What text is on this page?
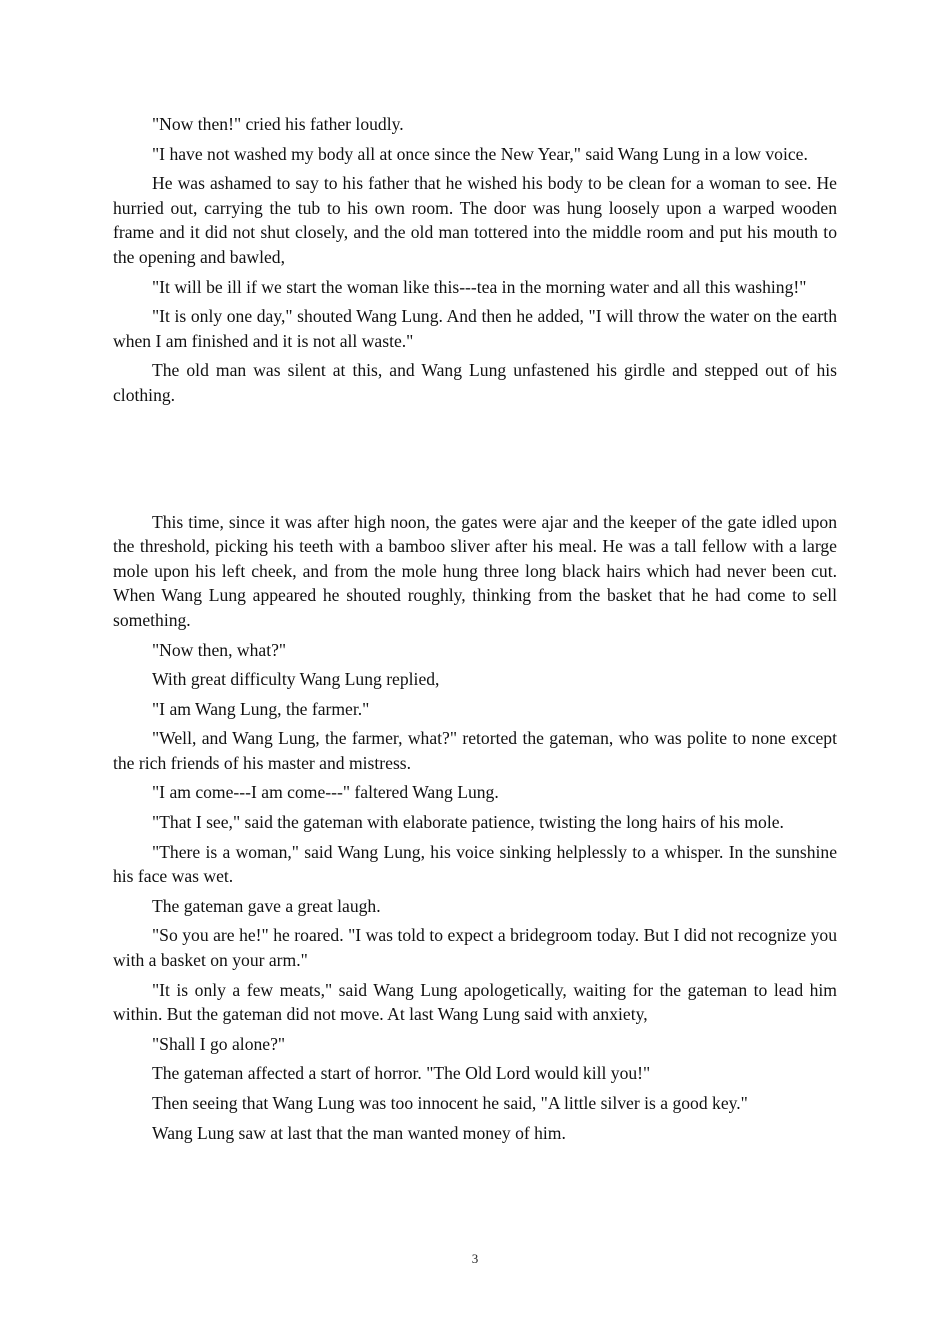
"Now then!" cried his father loudly.

"I have not washed my body all at once since the New Year," said Wang Lung in a low voice.

He was ashamed to say to his father that he wished his body to be clean for a woman to see. He hurried out, carrying the tub to his own room. The door was hung loosely upon a warped wooden frame and it did not shut closely, and the old man tottered into the middle room and put his mouth to the opening and bawled,

"It will be ill if we start the woman like this---tea in the morning water and all this washing!"

"It is only one day," shouted Wang Lung. And then he added, "I will throw the water on the earth when I am finished and it is not all waste."

The old man was silent at this, and Wang Lung unfastened his girdle and stepped out of his clothing.

This time, since it was after high noon, the gates were ajar and the keeper of the gate idled upon the threshold, picking his teeth with a bamboo sliver after his meal. He was a tall fellow with a large mole upon his left cheek, and from the mole hung three long black hairs which had never been cut. When Wang Lung appeared he shouted roughly, thinking from the basket that he had come to sell something.

"Now then, what?"

With great difficulty Wang Lung replied,

"I am Wang Lung, the farmer."

"Well, and Wang Lung, the farmer, what?" retorted the gateman, who was polite to none except the rich friends of his master and mistress.

"I am come---I am come---" faltered Wang Lung.

"That I see," said the gateman with elaborate patience, twisting the long hairs of his mole.

"There is a woman," said Wang Lung, his voice sinking helplessly to a whisper. In the sunshine his face was wet.

The gateman gave a great laugh.

"So you are he!" he roared. "I was told to expect a bridegroom today. But I did not recognize you with a basket on your arm."

"It is only a few meats," said Wang Lung apologetically, waiting for the gateman to lead him within. But the gateman did not move. At last Wang Lung said with anxiety,

"Shall I go alone?"

The gateman affected a start of horror. "The Old Lord would kill you!"

Then seeing that Wang Lung was too innocent he said, "A little silver is a good key."

Wang Lung saw at last that the man wanted money of him.

3
